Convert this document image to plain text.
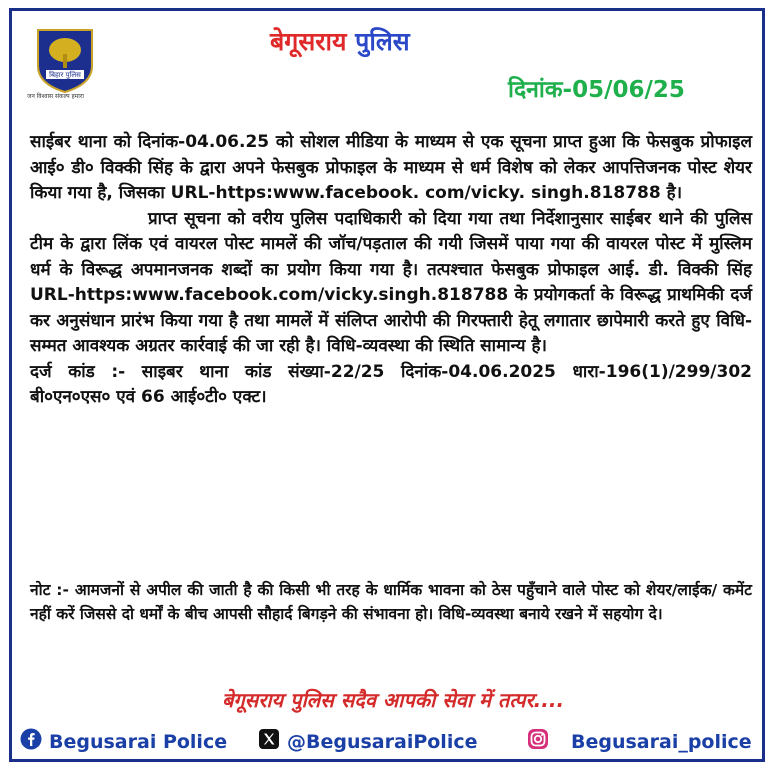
बिहार पुलिस
जन विश्वास संकल्प हमारा
बेगूसराय पुलिस
दिनांक-05/06/25

साईबर थाना को दिनांक-04.06.25 को सोशल मीडिया के माध्यम से एक सूचना प्राप्त हुआ कि फेसबुक प्रोफाइल आई० डी० विक्की सिंह के द्वारा अपने फेसबुक प्रोफाइल के माध्यम से धर्म विशेष को लेकर आपत्तिजनक पोस्ट शेयर किया गया है, जिसका URL-https:www.facebook. com/vicky. singh.818788 है।

प्राप्त सूचना को वरीय पुलिस पदाधिकारी को दिया गया तथा निर्देशानुसार साईबर थाने की पुलिस टीम के द्वारा लिंक एवं वायरल पोस्ट मामलें की जॉच/पड़ताल की गयी जिसमें पाया गया की वायरल पोस्ट में मुस्लिम धर्म के विरूद्ध अपमानजनक शब्दों का प्रयोग किया गया है। तत्पश्चात फेसबुक प्रोफाइल आई. डी. विक्की सिंह URL-https:www.facebook.com/vicky.singh.818788 के प्रयोगकर्ता के विरूद्ध प्राथमिकी दर्ज कर अनुसंधान प्रारंभ किया गया है तथा मामलें में संलिप्त आरोपी की गिरफ्तारी हेतू लगातार छापेमारी करते हुए विधि-सम्मत आवश्यक अग्रतर कार्रवाई की जा रही है। विधि-व्यवस्था की स्थिति सामान्य है।

दर्ज कांड :- साइबर थाना कांड संख्या-22/25 दिनांक-04.06.2025 धारा-196(1)/299/302 बी०एन०एस० एवं 66 आई०टी० एक्ट।

नोट :- आमजनों से अपील की जाती है की किसी भी तरह के धार्मिक भावना को ठेस पहुँचाने वाले पोस्ट को शेयर/लाईक/ कमेंट नहीं करें जिससे दो धर्मों के बीच आपसी सौहार्द बिगड़ने की संभावना हो। विधि-व्यवस्था बनाये रखने में सहयोग दे।
बेगूसराय पुलिस सदैव आपकी सेवा में तत्पर....
Begusarai Police	@BegusaraiPolice	Begusarai_police
